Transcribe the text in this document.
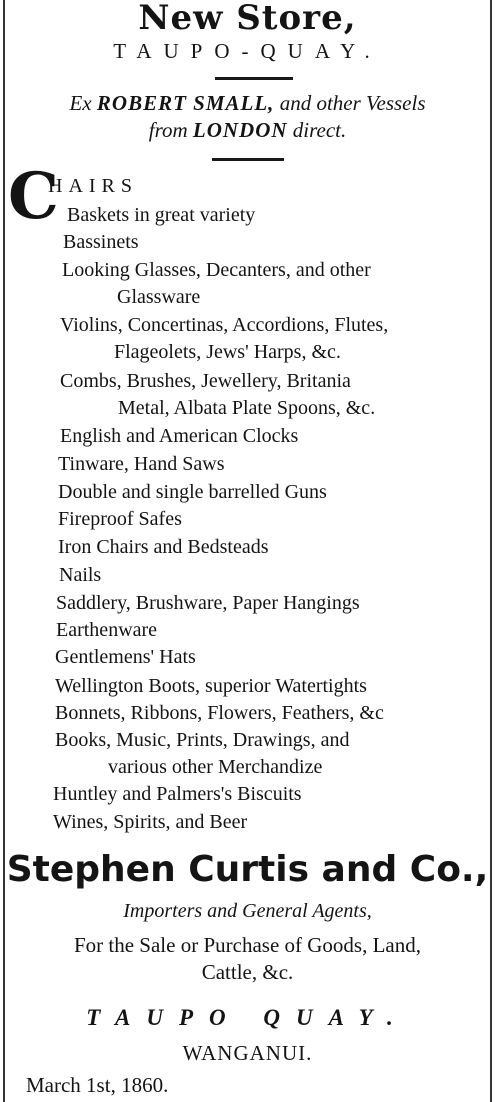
New Store,
TAUPO-QUAY.
Ex ROBERT SMALL, and other Vessels
from LONDON direct.
C
HAIRS
Baskets in great variety
Bassinets
Looking Glasses, Decanters, and other
Glassware
Violins, Concertinas, Accordions, Flutes,
Flageolets, Jews' Harps, &c.
Combs, Brushes, Jewellery, Britania
Metal, Albata Plate Spoons, &c.
English and American Clocks
Tinware, Hand Saws
Double and single barrelled Guns
Fireproof Safes
Iron Chairs and Bedsteads
Nails
Saddlery, Brushware, Paper Hangings
Earthenware
Gentlemens' Hats
Wellington Boots, superior Watertights
Bonnets, Ribbons, Flowers, Feathers, &c
Books, Music, Prints, Drawings, and
various other Merchandize
Huntley and Palmers's Biscuits
Wines, Spirits, and Beer
Stephen Curtis and Co.,
Importers and General Agents,
For the Sale or Purchase of Goods, Land,
Cattle, &c.
TAUPO QUAY.
WANGANUI.
March 1st, 1860.
